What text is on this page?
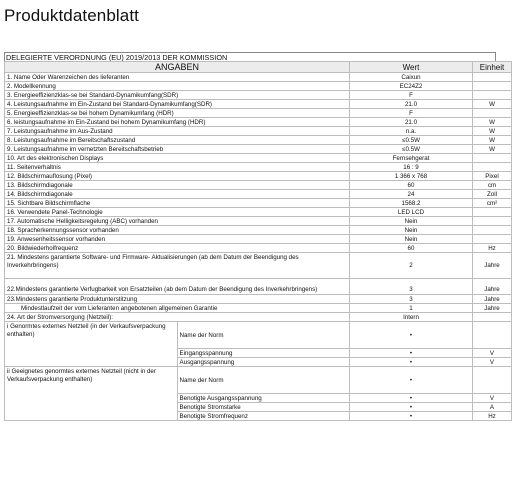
Produktdatenblatt
DELEGIERTE VERORDNUNG (EU) 2019/2013 DER KOMMISSION
ANGABEN		Wert	Einheit
1. Name Oder Warenzeichen des lieferanten		Caixun	
2. Modellkennung		EC24Z2	
3. Energieeffizienzklas-se bei Standard-Dynamikumfang(SDR)		F	
4. Leistungsaufnahme im Ein-Zustand bei Standard-Dynamikumfang(SDR)		21.0	W
5. Energieeffizienzklas-se bei hohem Dynamikumfang (HDR)		F	
6. leistungsaufnahme im Ein-Zustand bei hohem Dynamikumfang (HDR)		21.0	W
7. Leistungsaufnahme im Aus-Zustand		n.a.	W
8. Leistungsaufnahme im Bereitschaftszustand		≤0.5W	W
9. Leistungsaufnahme im vernetzten Bereitschaftsbetrieb		≤0.5W	W
10. Art des elektronischen Displays		Fernsehgerat	
11. Seitenverhaltnis		16 : 9	
12. Bildschirmauflosung (Pixel)		1 366 x 768	Pixel
13. Bildschirmdiagonale		60	cm
14. Bildschirmdiagonale		24	Zoll
15. Sichtbare Bildschirmflache		1568.2	cm²
16. Verwendete Panel-Technologie		LED LCD	
17. Automatische Helligkeitsregelung (ABC) vorhanden		Nein	
18. Spracherkennungssensor vorhanden		Nein	
19. Anwesenheitssensor vorhanden		Nein	
20. Bildwiederholfrequenz		60	Hz
21. Mindestens garantierte Software- und Firmware- Aktualisierungen (ab dem Datum der Beendigung des Inverkehrbringens)		2	Jahre
22.Mindestens garantierte Verfugbarkeit von Ersatzteilen (ab dem Datum der Beendigung des Inverkehrbringens)		3	Jahre
23.Mindestens garantierte Produktunterstitzung		3	Jahre
Mindestlaufzeit der vom Lieferanten angebotenen allgemeinen Garantie		1	Jahre
24. Art der Stromversorgung (Netzteil):		Intern	
i Genormtes externes Netzteil (in der Verkaufsverpackung enthalten)	Name der Norm	•	
	Eingangsspannung	•	V
	Ausgangsspannung	•	V
ii Geeignetes genormtes externes Netzteil (nicht in der Verkaufsverpackung enthalten)	Name der Norm	•	
	Benotigte Ausgangsspannung	•	V
	Benotigte Stromstarke	•	A
	Benotigte Stromfrequenz	•	Hz
